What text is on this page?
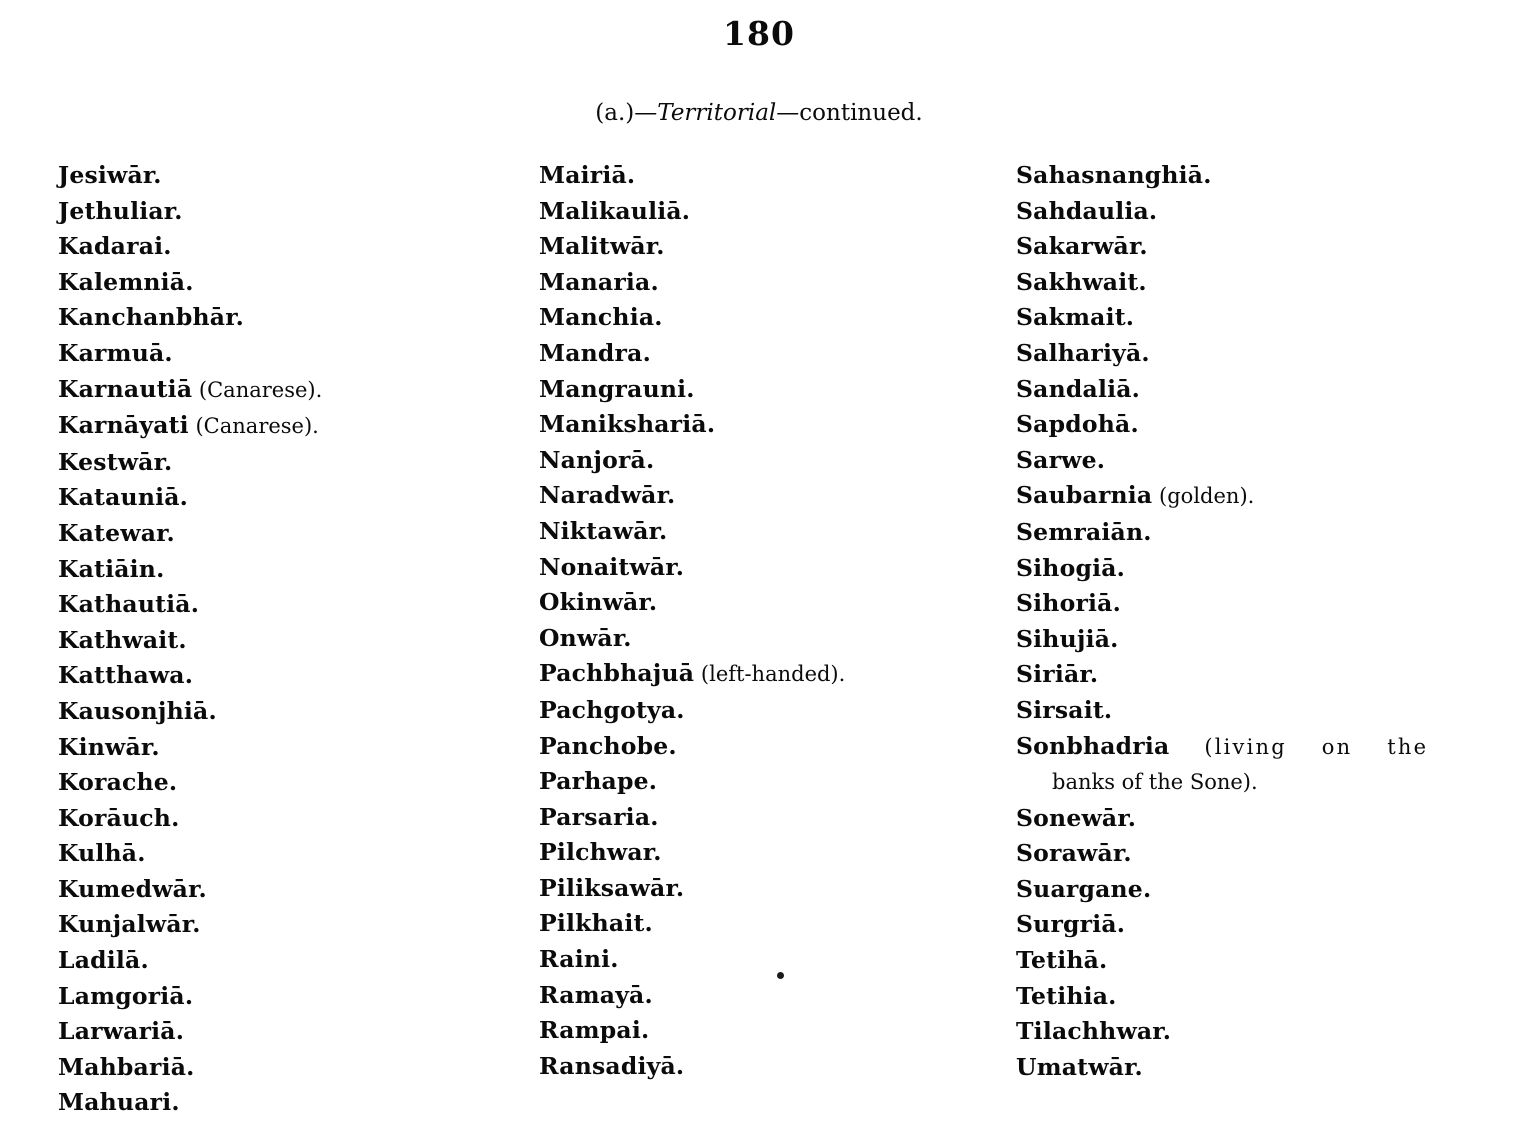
180
(a.)—Territorial—continued.
Jesiwār.
Jethuliar.
Kadarai.
Kalemniā.
Kanchanbhār.
Karmuā.
Karnautiā (Canarese).
Karnāyati (Canarese).
Kestwār.
Katauniā.
Katewar.
Katiāin.
Kathautiā.
Kathwait.
Katthawa.
Kausonjhiā.
Kinwār.
Korache.
Korāuch.
Kulhā.
Kumedwār.
Kunjalwār.
Ladilā.
Lamgoriā.
Larwariā.
Mahbariā.
Mahuari.
Mairiā.
Malikauliā.
Malitwār.
Manaria.
Manchia.
Mandra.
Mangrauni.
Manikshariā.
Nanjorā.
Naradwār.
Niktawār.
Nonaitwār.
Okinwār.
Onwār.
Pachbhajuā (left-handed).
Pachgotya.
Panchobe.
Parhape.
Parsaria.
Pilchwar.
Piliksawār.
Pilkhait.
Raini.
Ramayā.
Rampai.
Ransadiyā.
Sahasnanghiā.
Sahdaulia.
Sakarwār.
Sakhwait.
Sakmait.
Salhariyā.
Sandaliā.
Sapdohā.
Sarwe.
Saubarnia (golden).
Semraiān.
Sihogiā.
Sihoriā.
Sihujiā.
Siriār.
Sirsait.
Sonbhadria (living on the
banks of the Sone).
Sonewār.
Sorawār.
Suargane.
Surgriā.
Tetihā.
Tetihia.
Tilachhwar.
Umatwār.
